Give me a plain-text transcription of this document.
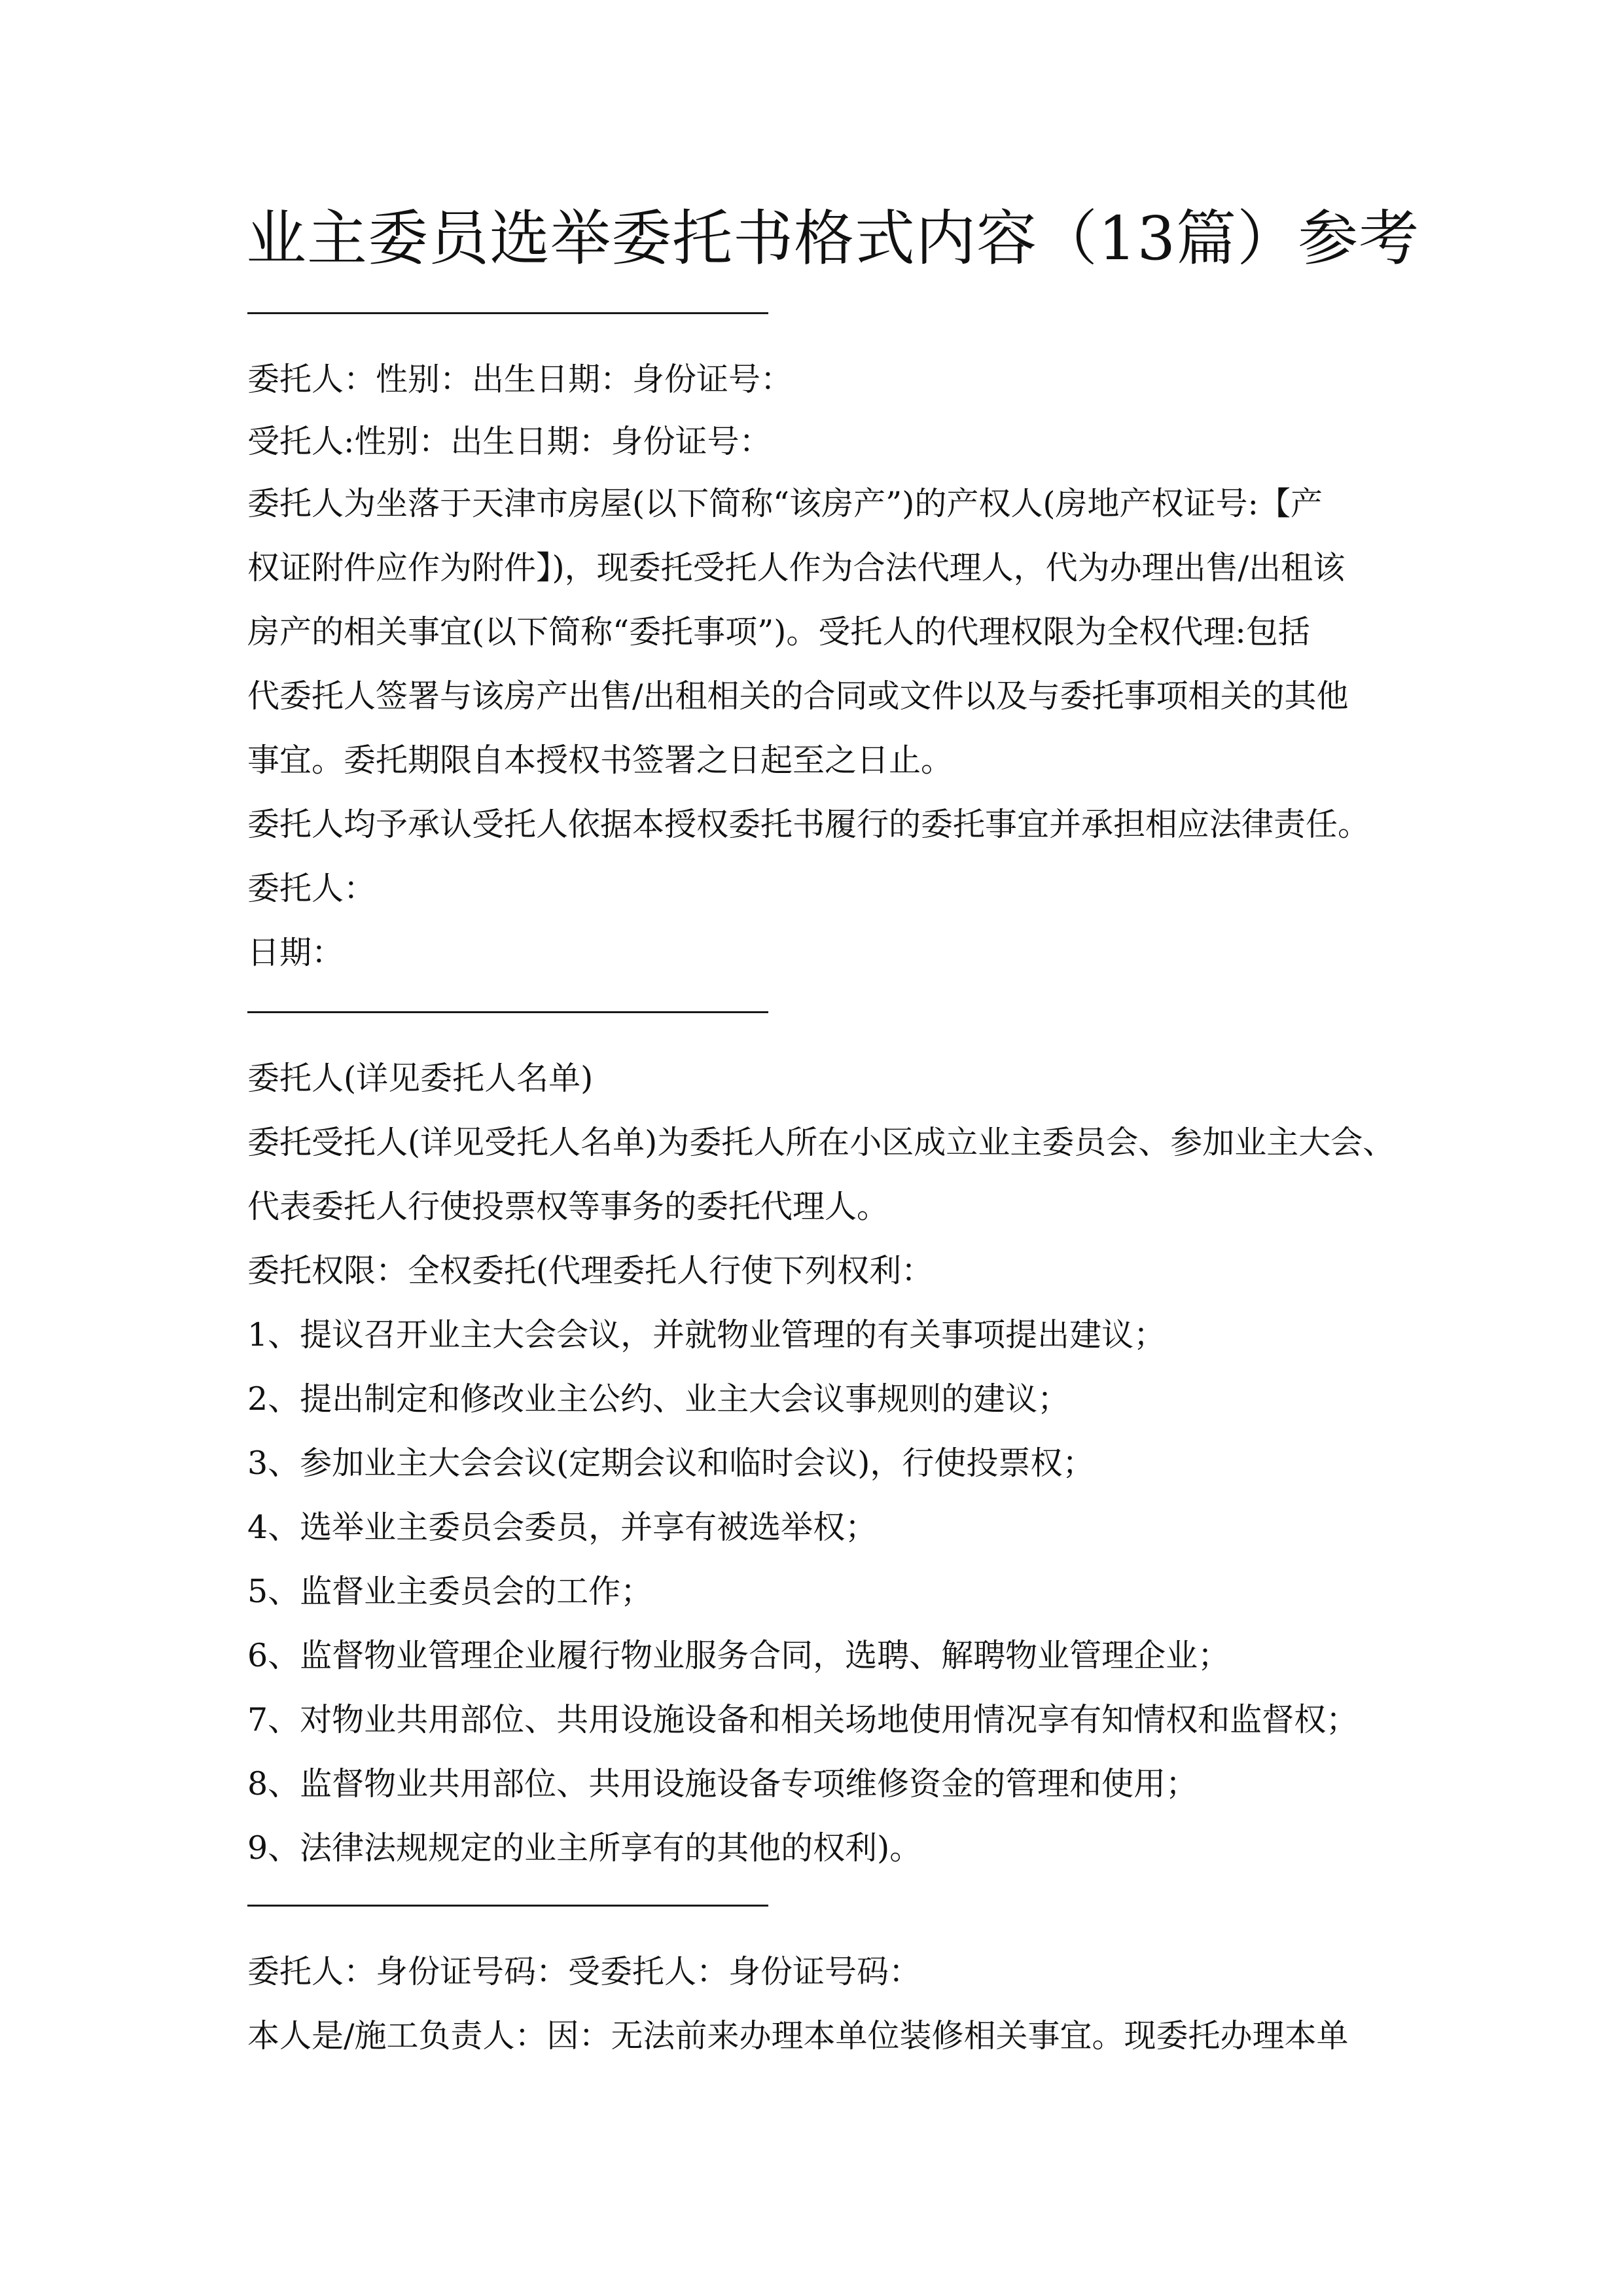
业主委员选举委托书格式内容（13篇）参考

委托人：性别：出生日期：身份证号：

受托人:性别：出生日期：身份证号：

委托人为坐落于天津市房屋(以下简称“该房产”)的产权人(房地产权证号:【产

权证附件应作为附件】)，现委托受托人作为合法代理人，代为办理出售/出租该

房产的相关事宜(以下简称“委托事项”)。受托人的代理权限为全权代理:包括

代委托人签署与该房产出售/出租相关的合同或文件以及与委托事项相关的其他

事宜。委托期限自本授权书签署之日起至之日止。

委托人均予承认受托人依据本授权委托书履行的委托事宜并承担相应法律责任。

委托人：

日期：

委托人(详见委托人名单)

委托受托人(详见受托人名单)为委托人所在小区成立业主委员会、参加业主大会、

代表委托人行使投票权等事务的委托代理人。

委托权限：全权委托(代理委托人行使下列权利：

1、提议召开业主大会会议，并就物业管理的有关事项提出建议；

2、提出制定和修改业主公约、业主大会议事规则的建议；

3、参加业主大会会议(定期会议和临时会议)，行使投票权；

4、选举业主委员会委员，并享有被选举权；

5、监督业主委员会的工作；

6、监督物业管理企业履行物业服务合同，选聘、解聘物业管理企业；

7、对物业共用部位、共用设施设备和相关场地使用情况享有知情权和监督权；

8、监督物业共用部位、共用设施设备专项维修资金的管理和使用；

9、法律法规规定的业主所享有的其他的权利)。

委托人：身份证号码：受委托人：身份证号码：

本人是/施工负责人：因：无法前来办理本单位装修相关事宜。现委托办理本单
